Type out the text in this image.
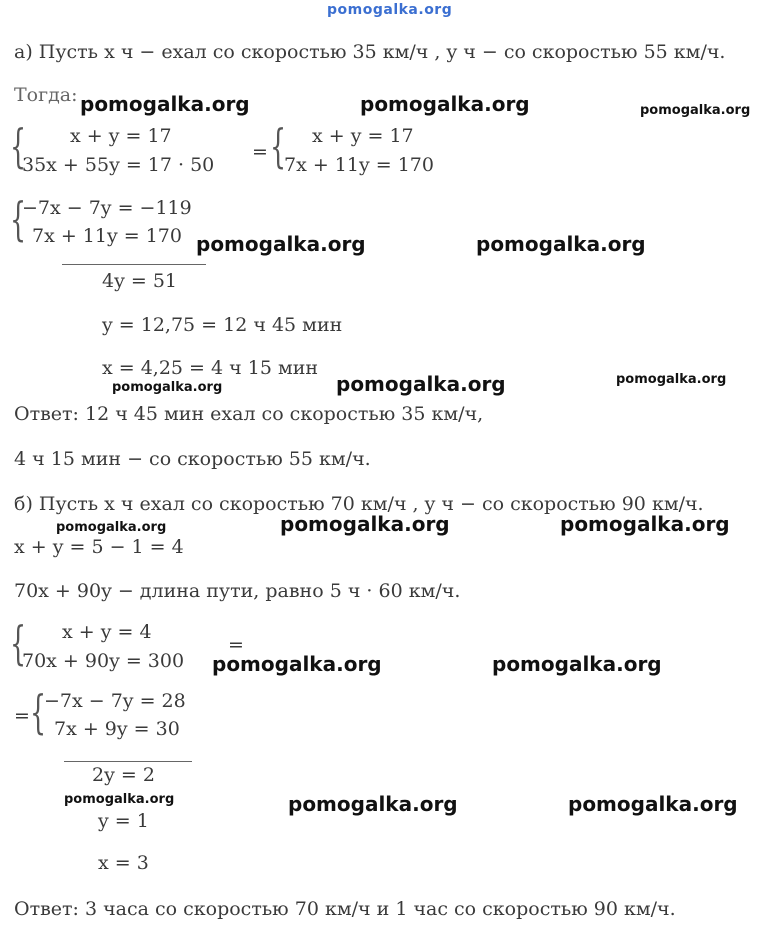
pomogalka.org
а) Пусть x ч − ехал со скоростью 35 км/ч , y ч − со скоростью 55 км/ч.
Тогда:
{ x + y = 17
35x + 55y = 17 · 50
= { x + y = 17
7x + 11y = 170
{
−7x − 7y = −119
7x + 11y = 170
4y = 51
y = 12,75 = 12 ч 45 мин
x = 4,25 = 4 ч 15 мин
Ответ: 12 ч 45 мин ехал со скоростью 35 км/ч,
4 ч 15 мин − со скоростью 55 км/ч.
б) Пусть x ч ехал со скоростью 70 км/ч , y ч − со скоростью 90 км/ч.
x + y = 5 − 1 = 4
70x + 90y − длина пути, равно 5 ч · 60 км/ч.
{ x + y = 4
70x + 90y = 300
=
= {
−7x − 7y = 28
7x + 9y = 30
2y = 2
y = 1
x = 3
Ответ: 3 часа со скоростью 70 км/ч и 1 час со скоростью 90 км/ч.
pomogalka.org	pomogalka.org	pomogalka.org
pomogalka.org	pomogalka.org
pomogalka.org	pomogalka.org	pomogalka.org
pomogalka.org	pomogalka.org	pomogalka.org
pomogalka.org	pomogalka.org
pomogalka.org	pomogalka.org	pomogalka.org
